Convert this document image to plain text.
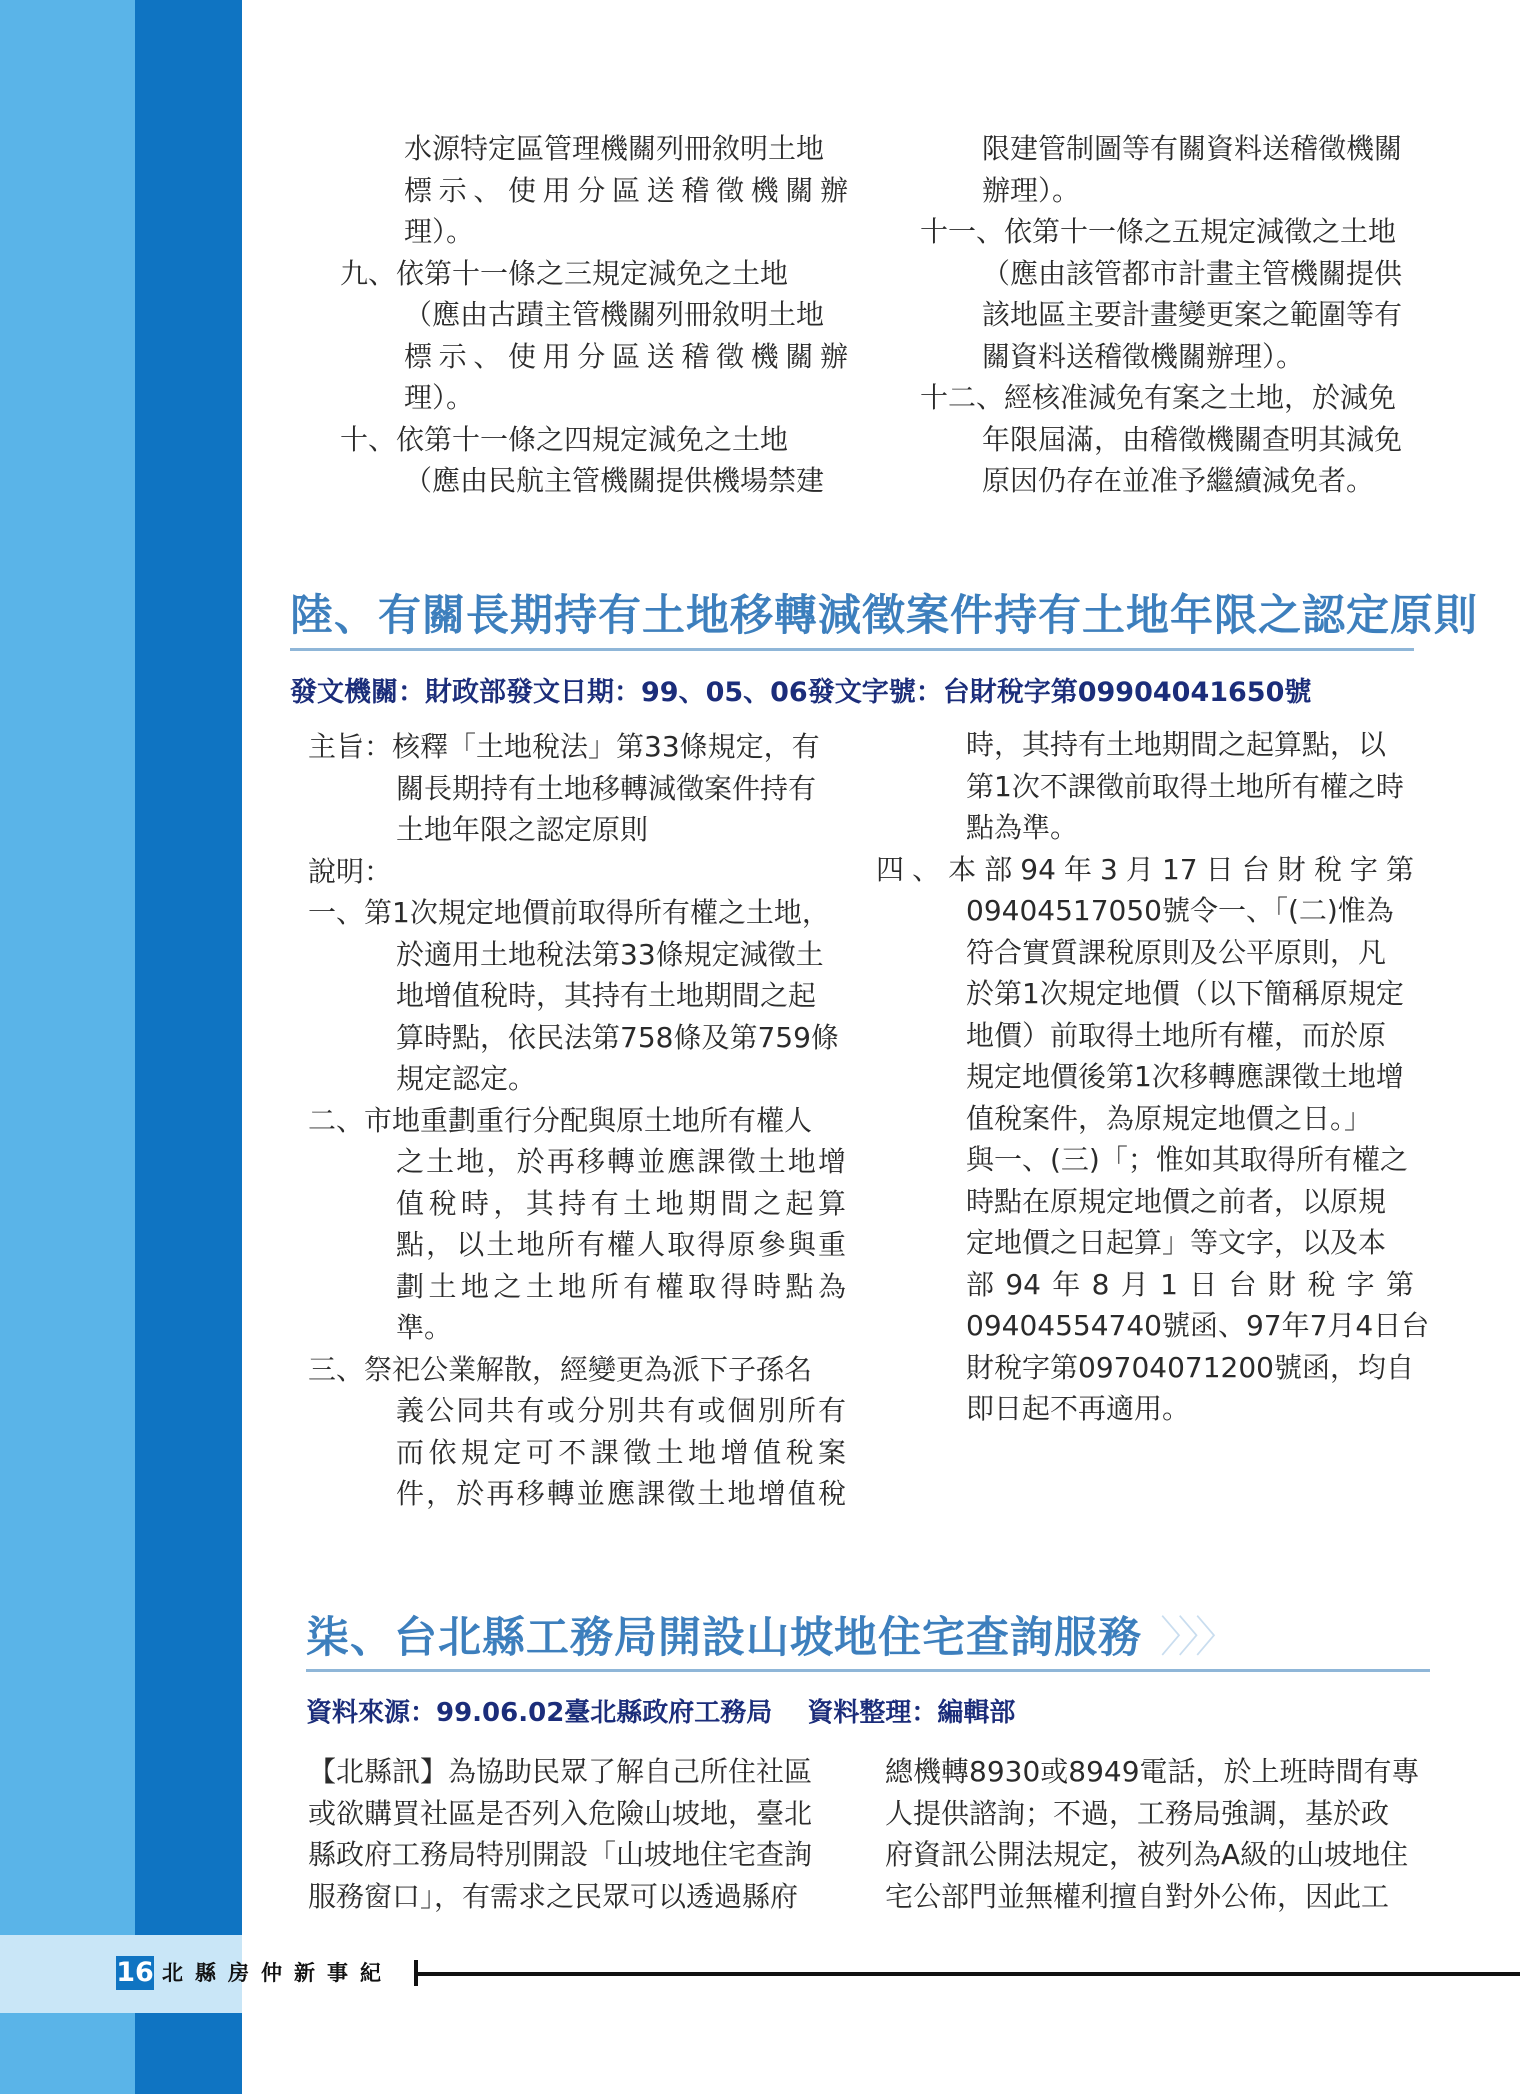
水源特定區管理機關列冊敘明土地
標示、使用分區送稽徵機關辦
理）。
九、依第十一條之三規定減免之土地
（應由古蹟主管機關列冊敘明土地
標示、使用分區送稽徵機關辦
理）。
十、依第十一條之四規定減免之土地
（應由民航主管機關提供機場禁建
限建管制圖等有關資料送稽徵機關
辦理）。
十一、依第十一條之五規定減徵之土地
（應由該管都市計畫主管機關提供
該地區主要計畫變更案之範圍等有
關資料送稽徵機關辦理）。
十二、經核准減免有案之土地，於減免
年限屆滿，由稽徵機關查明其減免
原因仍存在並准予繼續減免者。
陸、有關長期持有土地移轉減徵案件持有土地年限之認定原則
發文機關：財政部發文日期：99、05、06發文字號：台財稅字第09904041650號
主旨：核釋「土地稅法」第33條規定，有
關長期持有土地移轉減徵案件持有
土地年限之認定原則
說明：
一、第1次規定地價前取得所有權之土地，
於適用土地稅法第33條規定減徵土
地增值稅時，其持有土地期間之起
算時點，依民法第758條及第759條
規定認定。
二、市地重劃重行分配與原土地所有權人
之土地，於再移轉並應課徵土地增
值稅時，其持有土地期間之起算
點，以土地所有權人取得原參與重
劃土地之土地所有權取得時點為
準。
三、祭祀公業解散，經變更為派下子孫名
義公同共有或分別共有或個別所有
而依規定可不課徵土地增值稅案
件，於再移轉並應課徵土地增值稅
時，其持有土地期間之起算點，以
第1次不課徵前取得土地所有權之時
點為準。
四、本部94年3月17日台財稅字第
09404517050號令一、「(二)惟為
符合實質課稅原則及公平原則，凡
於第1次規定地價（以下簡稱原規定
地價）前取得土地所有權，而於原
規定地價後第1次移轉應課徵土地增
值稅案件，為原規定地價之日。」
與一、(三)「；惟如其取得所有權之
時點在原規定地價之前者，以原規
定地價之日起算」等文字，以及本
部94年8月1日台財稅字第
09404554740號函、97年7月4日台
財稅字第09704071200號函，均自
即日起不再適用。
柒、台北縣工務局開設山坡地住宅查詢服務 〉〉〉
資料來源：99.06.02臺北縣政府工務局　 資料整理：編輯部
【北縣訊】為協助民眾了解自己所住社區
或欲購買社區是否列入危險山坡地，臺北
縣政府工務局特別開設「山坡地住宅查詢
服務窗口」，有需求之民眾可以透過縣府
總機轉8930或8949電話，於上班時間有專
人提供諮詢；不過，工務局強調，基於政
府資訊公開法規定，被列為A級的山坡地住
宅公部門並無權利擅自對外公佈，因此工
16 北縣房仲新事紀
